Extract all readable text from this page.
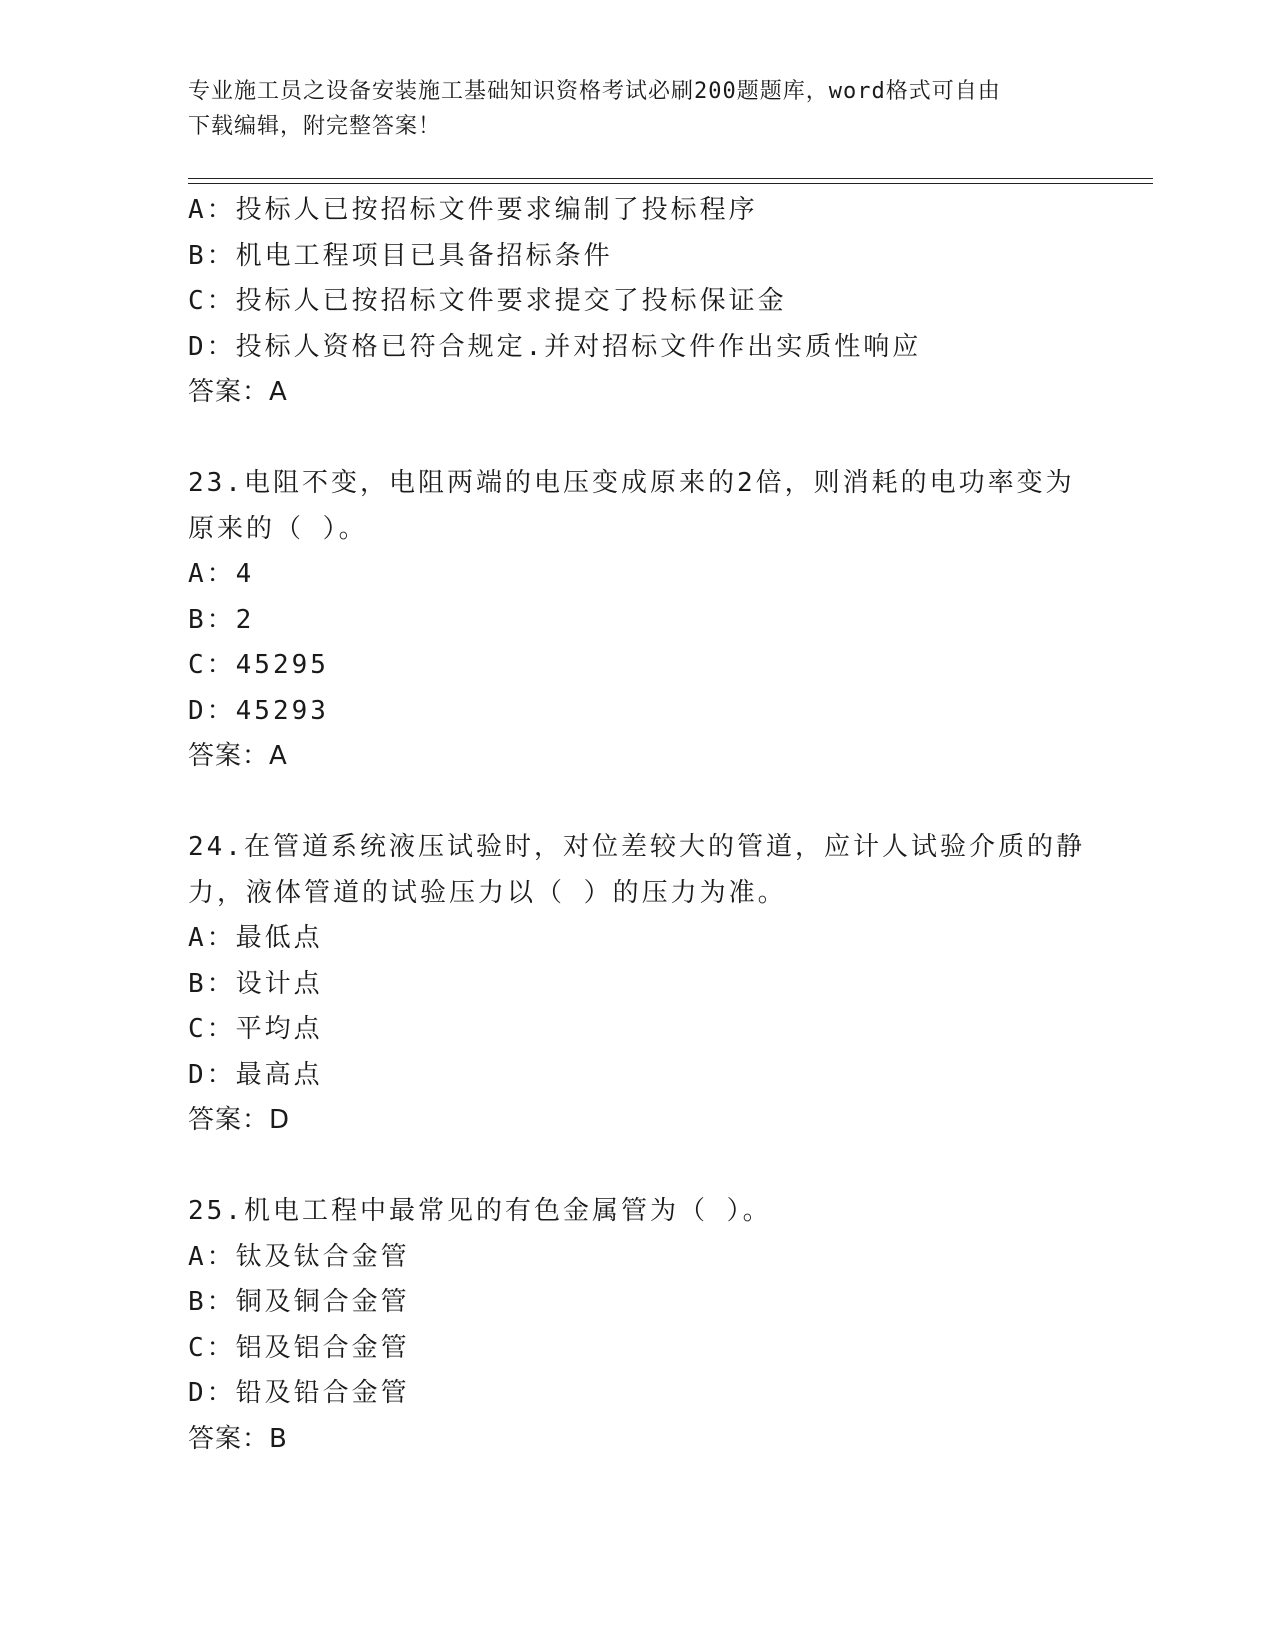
专业施工员之设备安装施工基础知识资格考试必刷200题题库，word格式可自由
下载编辑，附完整答案！
A：投标人已按招标文件要求编制了投标程序
B：机电工程项目已具备招标条件
C：投标人已按招标文件要求提交了投标保证金
D：投标人资格已符合规定.并对招标文件作出实质性响应
答案：A
23.电阻不变，电阻两端的电压变成原来的2倍，则消耗的电功率变为
原来的（ ）。
A：4
B：2
C：45295
D：45293
答案：A
24.在管道系统液压试验时，对位差较大的管道，应计人试验介质的静
力，液体管道的试验压力以（ ）的压力为准。
A：最低点
B：设计点
C：平均点
D：最高点
答案：D
25.机电工程中最常见的有色金属管为（ ）。
A：钛及钛合金管
B：铜及铜合金管
C：铝及铝合金管
D：铅及铅合金管
答案：B
